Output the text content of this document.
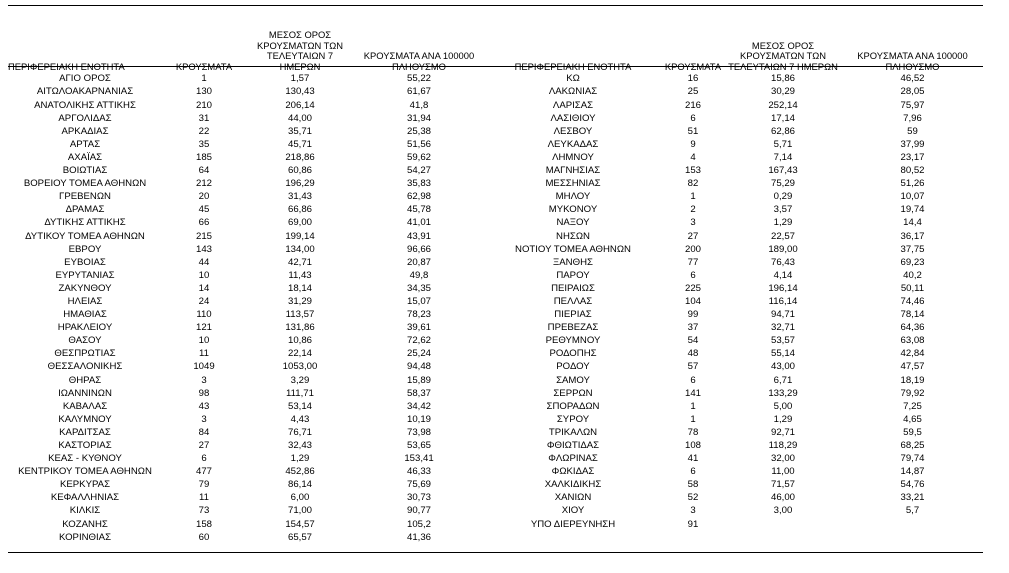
ΠΕΡΙΦΕΡΕΙΑΚΗ ΕΝΟΤΗΤΑ	ΚΡΟΥΣΜΑΤΑ	ΜΕΣΟΣ ΟΡΟΣ ΚΡΟΥΣΜΑΤΩΝ ΤΩΝ ΤΕΛΕΥΤΑΙΩΝ 7 ΗΜΕΡΩΝ	ΚΡΟΥΣΜΑΤΑ ΑΝΑ 100000 ΠΛΗΘΥΣΜΟ	ΠΕΡΙΦΕΡΕΙΑΚΗ ΕΝΟΤΗΤΑ	ΚΡΟΥΣΜΑΤΑ	ΜΕΣΟΣ ΟΡΟΣ ΚΡΟΥΣΜΑΤΩΝ ΤΩΝ ΤΕΛΕΥΤΑΙΩΝ 7 ΗΜΕΡΩΝ	ΚΡΟΥΣΜΑΤΑ ΑΝΑ 100000 ΠΛΗΘΥΣΜΟ
ΑΓΙΟ ΟΡΟΣ	1	1,57	55,22	ΚΩ	16	15,86	46,52
ΑΙΤΩΛΟΑΚΑΡΝΑΝΙΑΣ	130	130,43	61,67	ΛΑΚΩΝΙΑΣ	25	30,29	28,05
ΑΝΑΤΟΛΙΚΗΣ ΑΤΤΙΚΗΣ	210	206,14	41,8	ΛΑΡΙΣΑΣ	216	252,14	75,97
ΑΡΓΟΛΙΔΑΣ	31	44,00	31,94	ΛΑΣΙΘΙΟΥ	6	17,14	7,96
ΑΡΚΑΔΙΑΣ	22	35,71	25,38	ΛΕΣΒΟΥ	51	62,86	59
ΑΡΤΑΣ	35	45,71	51,56	ΛΕΥΚΑΔΑΣ	9	5,71	37,99
ΑΧΑΪΑΣ	185	218,86	59,62	ΛΗΜΝΟΥ	4	7,14	23,17
ΒΟΙΩΤΙΑΣ	64	60,86	54,27	ΜΑΓΝΗΣΙΑΣ	153	167,43	80,52
ΒΟΡΕΙΟΥ ΤΟΜΕΑ ΑΘΗΝΩΝ	212	196,29	35,83	ΜΕΣΣΗΝΙΑΣ	82	75,29	51,26
ΓΡΕΒΕΝΩΝ	20	31,43	62,98	ΜΗΛΟΥ	1	0,29	10,07
ΔΡΑΜΑΣ	45	66,86	45,78	ΜΥΚΟΝΟΥ	2	3,57	19,74
ΔΥΤΙΚΗΣ ΑΤΤΙΚΗΣ	66	69,00	41,01	ΝΑΞΟΥ	3	1,29	14,4
ΔΥΤΙΚΟΥ ΤΟΜΕΑ ΑΘΗΝΩΝ	215	199,14	43,91	ΝΗΣΩΝ	27	22,57	36,17
ΕΒΡΟΥ	143	134,00	96,66	ΝΟΤΙΟΥ ΤΟΜΕΑ ΑΘΗΝΩΝ	200	189,00	37,75
ΕΥΒΟΙΑΣ	44	42,71	20,87	ΞΑΝΘΗΣ	77	76,43	69,23
ΕΥΡΥΤΑΝΙΑΣ	10	11,43	49,8	ΠΑΡΟΥ	6	4,14	40,2
ΖΑΚΥΝΘΟΥ	14	18,14	34,35	ΠΕΙΡΑΙΩΣ	225	196,14	50,11
ΗΛΕΙΑΣ	24	31,29	15,07	ΠΕΛΛΑΣ	104	116,14	74,46
ΗΜΑΘΙΑΣ	110	113,57	78,23	ΠΙΕΡΙΑΣ	99	94,71	78,14
ΗΡΑΚΛΕΙΟΥ	121	131,86	39,61	ΠΡΕΒΕΖΑΣ	37	32,71	64,36
ΘΑΣΟΥ	10	10,86	72,62	ΡΕΘΥΜΝΟΥ	54	53,57	63,08
ΘΕΣΠΡΩΤΙΑΣ	11	22,14	25,24	ΡΟΔΟΠΗΣ	48	55,14	42,84
ΘΕΣΣΑΛΟΝΙΚΗΣ	1049	1053,00	94,48	ΡΟΔΟΥ	57	43,00	47,57
ΘΗΡΑΣ	3	3,29	15,89	ΣΑΜΟΥ	6	6,71	18,19
ΙΩΑΝΝΙΝΩΝ	98	111,71	58,37	ΣΕΡΡΩΝ	141	133,29	79,92
ΚΑΒΑΛΑΣ	43	53,14	34,42	ΣΠΟΡΑΔΩΝ	1	5,00	7,25
ΚΑΛΥΜΝΟΥ	3	4,43	10,19	ΣΥΡΟΥ	1	1,29	4,65
ΚΑΡΔΙΤΣΑΣ	84	76,71	73,98	ΤΡΙΚΑΛΩΝ	78	92,71	59,5
ΚΑΣΤΟΡΙΑΣ	27	32,43	53,65	ΦΘΙΩΤΙΔΑΣ	108	118,29	68,25
ΚΕΑΣ - ΚΥΘΝΟΥ	6	1,29	153,41	ΦΛΩΡΙΝΑΣ	41	32,00	79,74
ΚΕΝΤΡΙΚΟΥ ΤΟΜΕΑ ΑΘΗΝΩΝ	477	452,86	46,33	ΦΩΚΙΔΑΣ	6	11,00	14,87
ΚΕΡΚΥΡΑΣ	79	86,14	75,69	ΧΑΛΚΙΔΙΚΗΣ	58	71,57	54,76
ΚΕΦΑΛΛΗΝΙΑΣ	11	6,00	30,73	ΧΑΝΙΩΝ	52	46,00	33,21
ΚΙΛΚΙΣ	73	71,00	90,77	ΧΙΟΥ	3	3,00	5,7
ΚΟΖΑΝΗΣ	158	154,57	105,2	ΥΠΟ ΔΙΕΡΕΥΝΗΣΗ	91		
ΚΟΡΙΝΘΙΑΣ	60	65,57	41,36				
